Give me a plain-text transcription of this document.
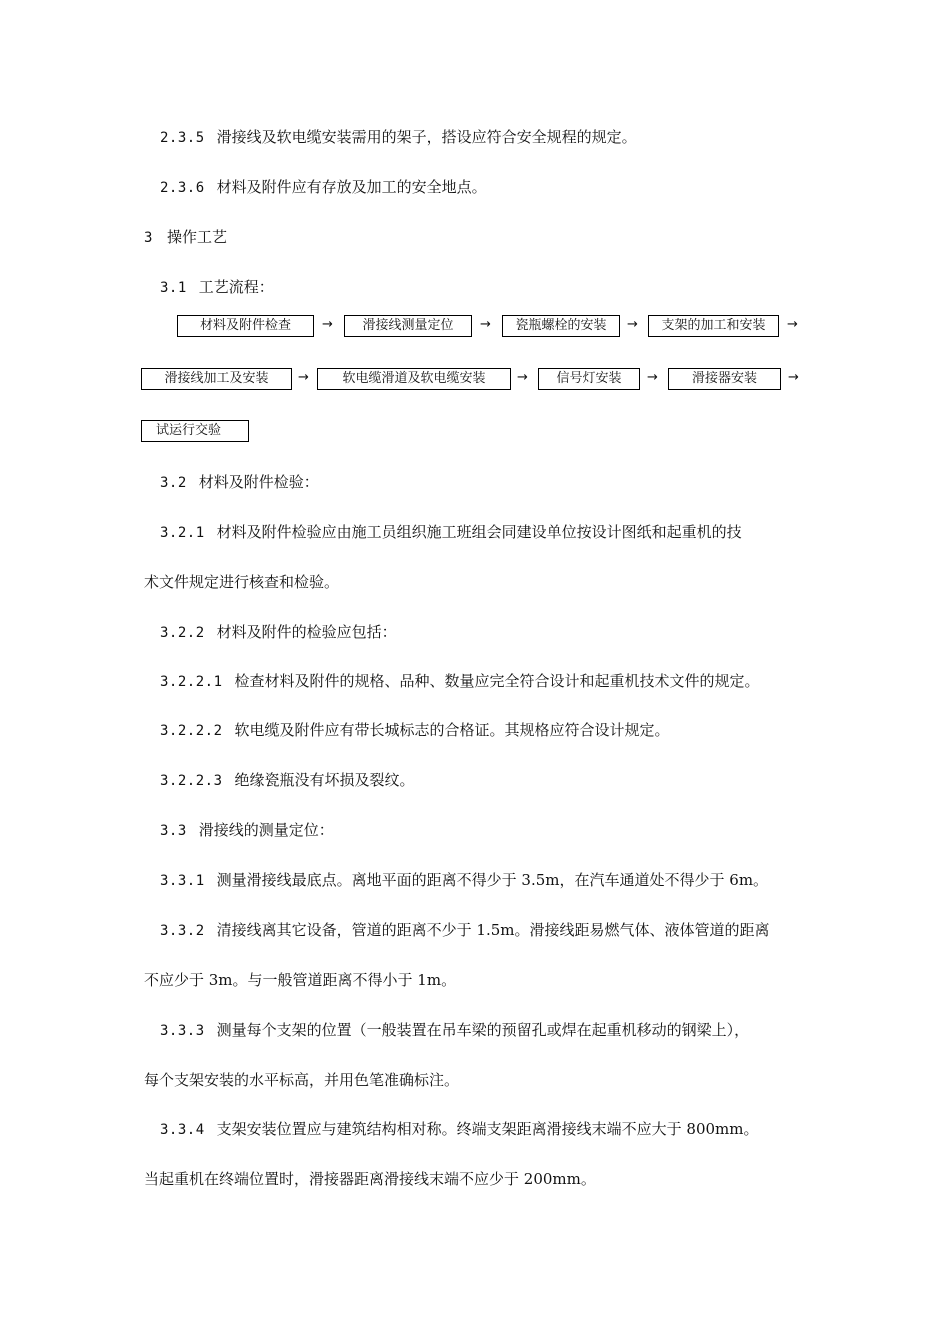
2.3.5 滑接线及软电缆安装需用的架子，搭设应符合安全规程的规定。
2.3.6 材料及附件应有存放及加工的安全地点。
3 操作工艺
3.1 工艺流程：
材料及附件检查	→	滑接线测量定位	→	瓷瓶螺栓的安装	→	支架的加工和安装	→
滑接线加工及安装	→	软电缆滑道及软电缆安装	→	信号灯安装	→	滑接器安装	→
试运行交验
3.2 材料及附件检验：
3.2.1 材料及附件检验应由施工员组织施工班组会同建设单位按设计图纸和起重机的技
术文件规定进行核查和检验。
3.2.2 材料及附件的检验应包括：
3.2.2.1 检查材料及附件的规格、品种、数量应完全符合设计和起重机技术文件的规定。
3.2.2.2 软电缆及附件应有带长城标志的合格证。其规格应符合设计规定。
3.2.2.3 绝缘瓷瓶没有坏损及裂纹。
3.3 滑接线的测量定位：
3.3.1 测量滑接线最底点。离地平面的距离不得少于 3.5m，在汽车通道处不得少于 6m。
3.3.2 清接线离其它设备，管道的距离不少于 1.5m。滑接线距易燃气体、液体管道的距离
不应少于 3m。与一般管道距离不得小于 1m。
3.3.3 测量每个支架的位置（一般装置在吊车梁的预留孔或焊在起重机移动的钢梁上），
每个支架安装的水平标高，并用色笔准确标注。
3.3.4 支架安装位置应与建筑结构相对称。终端支架距离滑接线末端不应大于 800mm。
当起重机在终端位置时，滑接器距离滑接线末端不应少于 200mm。
